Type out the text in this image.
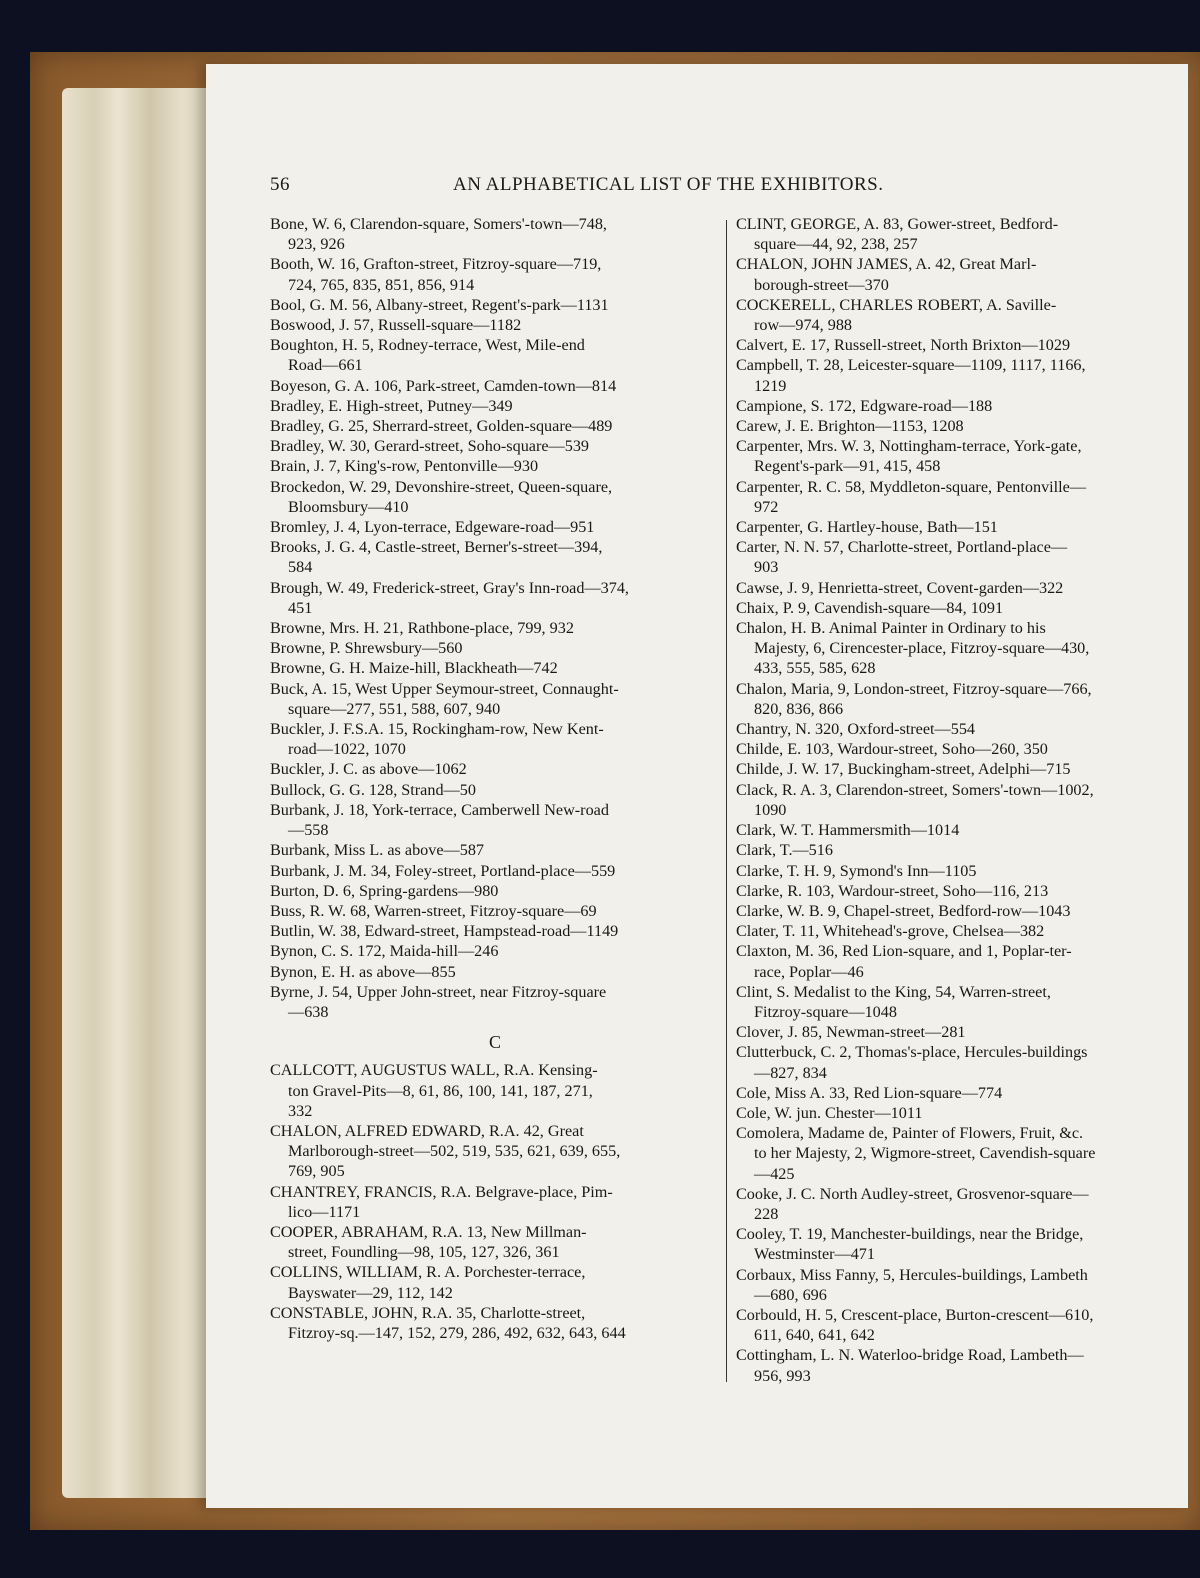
56	AN ALPHABETICAL LIST OF THE EXHIBITORS.
Bone, W. 6, Clarendon-square, Somers'-town—748,
923, 926
Booth, W. 16, Grafton-street, Fitzroy-square—719,
724, 765, 835, 851, 856, 914
Bool, G. M. 56, Albany-street, Regent's-park—1131
Boswood, J. 57, Russell-square—1182
Boughton, H. 5, Rodney-terrace, West, Mile-end
Road—661
Boyeson, G. A. 106, Park-street, Camden-town—814
Bradley, E. High-street, Putney—349
Bradley, G. 25, Sherrard-street, Golden-square—489
Bradley, W. 30, Gerard-street, Soho-square—539
Brain, J. 7, King's-row, Pentonville—930
Brockedon, W. 29, Devonshire-street, Queen-square,
Bloomsbury—410
Bromley, J. 4, Lyon-terrace, Edgeware-road—951
Brooks, J. G. 4, Castle-street, Berner's-street—394,
584
Brough, W. 49, Frederick-street, Gray's Inn-road—374,
451
Browne, Mrs. H. 21, Rathbone-place, 799, 932
Browne, P. Shrewsbury—560
Browne, G. H. Maize-hill, Blackheath—742
Buck, A. 15, West Upper Seymour-street, Connaught-
square—277, 551, 588, 607, 940
Buckler, J. F.S.A. 15, Rockingham-row, New Kent-
road—1022, 1070
Buckler, J. C. as above—1062
Bullock, G. G. 128, Strand—50
Burbank, J. 18, York-terrace, Camberwell New-road
—558
Burbank, Miss L. as above—587
Burbank, J. M. 34, Foley-street, Portland-place—559
Burton, D. 6, Spring-gardens—980
Buss, R. W. 68, Warren-street, Fitzroy-square—69
Butlin, W. 38, Edward-street, Hampstead-road—1149
Bynon, C. S. 172, Maida-hill—246
Bynon, E. H. as above—855
Byrne, J. 54, Upper John-street, near Fitzroy-square
—638
C
CALLCOTT, AUGUSTUS WALL, R.A. Kensing-
ton Gravel-Pits—8, 61, 86, 100, 141, 187, 271,
332
CHALON, ALFRED EDWARD, R.A. 42, Great
Marlborough-street—502, 519, 535, 621, 639, 655,
769, 905
CHANTREY, FRANCIS, R.A. Belgrave-place, Pim-
lico—1171
COOPER, ABRAHAM, R.A. 13, New Millman-
street, Foundling—98, 105, 127, 326, 361
COLLINS, WILLIAM, R. A. Porchester-terrace,
Bayswater—29, 112, 142
CONSTABLE, JOHN, R.A. 35, Charlotte-street,
Fitzroy-sq.—147, 152, 279, 286, 492, 632, 643, 644
CLINT, GEORGE, A. 83, Gower-street, Bedford-
square—44, 92, 238, 257
CHALON, JOHN JAMES, A. 42, Great Marl-
borough-street—370
COCKERELL, CHARLES ROBERT, A. Saville-
row—974, 988
Calvert, E. 17, Russell-street, North Brixton—1029
Campbell, T. 28, Leicester-square—1109, 1117, 1166,
1219
Campione, S. 172, Edgware-road—188
Carew, J. E. Brighton—1153, 1208
Carpenter, Mrs. W. 3, Nottingham-terrace, York-gate,
Regent's-park—91, 415, 458
Carpenter, R. C. 58, Myddleton-square, Pentonville—
972
Carpenter, G. Hartley-house, Bath—151
Carter, N. N. 57, Charlotte-street, Portland-place—
903
Cawse, J. 9, Henrietta-street, Covent-garden—322
Chaix, P. 9, Cavendish-square—84, 1091
Chalon, H. B. Animal Painter in Ordinary to his
Majesty, 6, Cirencester-place, Fitzroy-square—430,
433, 555, 585, 628
Chalon, Maria, 9, London-street, Fitzroy-square—766,
820, 836, 866
Chantry, N. 320, Oxford-street—554
Childe, E. 103, Wardour-street, Soho—260, 350
Childe, J. W. 17, Buckingham-street, Adelphi—715
Clack, R. A. 3, Clarendon-street, Somers'-town—1002,
1090
Clark, W. T. Hammersmith—1014
Clark, T.—516
Clarke, T. H. 9, Symond's Inn—1105
Clarke, R. 103, Wardour-street, Soho—116, 213
Clarke, W. B. 9, Chapel-street, Bedford-row—1043
Clater, T. 11, Whitehead's-grove, Chelsea—382
Claxton, M. 36, Red Lion-square, and 1, Poplar-ter-
race, Poplar—46
Clint, S. Medalist to the King, 54, Warren-street,
Fitzroy-square—1048
Clover, J. 85, Newman-street—281
Clutterbuck, C. 2, Thomas's-place, Hercules-buildings
—827, 834
Cole, Miss A. 33, Red Lion-square—774
Cole, W. jun. Chester—1011
Comolera, Madame de, Painter of Flowers, Fruit, &c.
to her Majesty, 2, Wigmore-street, Cavendish-square
—425
Cooke, J. C. North Audley-street, Grosvenor-square—
228
Cooley, T. 19, Manchester-buildings, near the Bridge,
Westminster—471
Corbaux, Miss Fanny, 5, Hercules-buildings, Lambeth
—680, 696
Corbould, H. 5, Crescent-place, Burton-crescent—610,
611, 640, 641, 642
Cottingham, L. N. Waterloo-bridge Road, Lambeth—
956, 993
